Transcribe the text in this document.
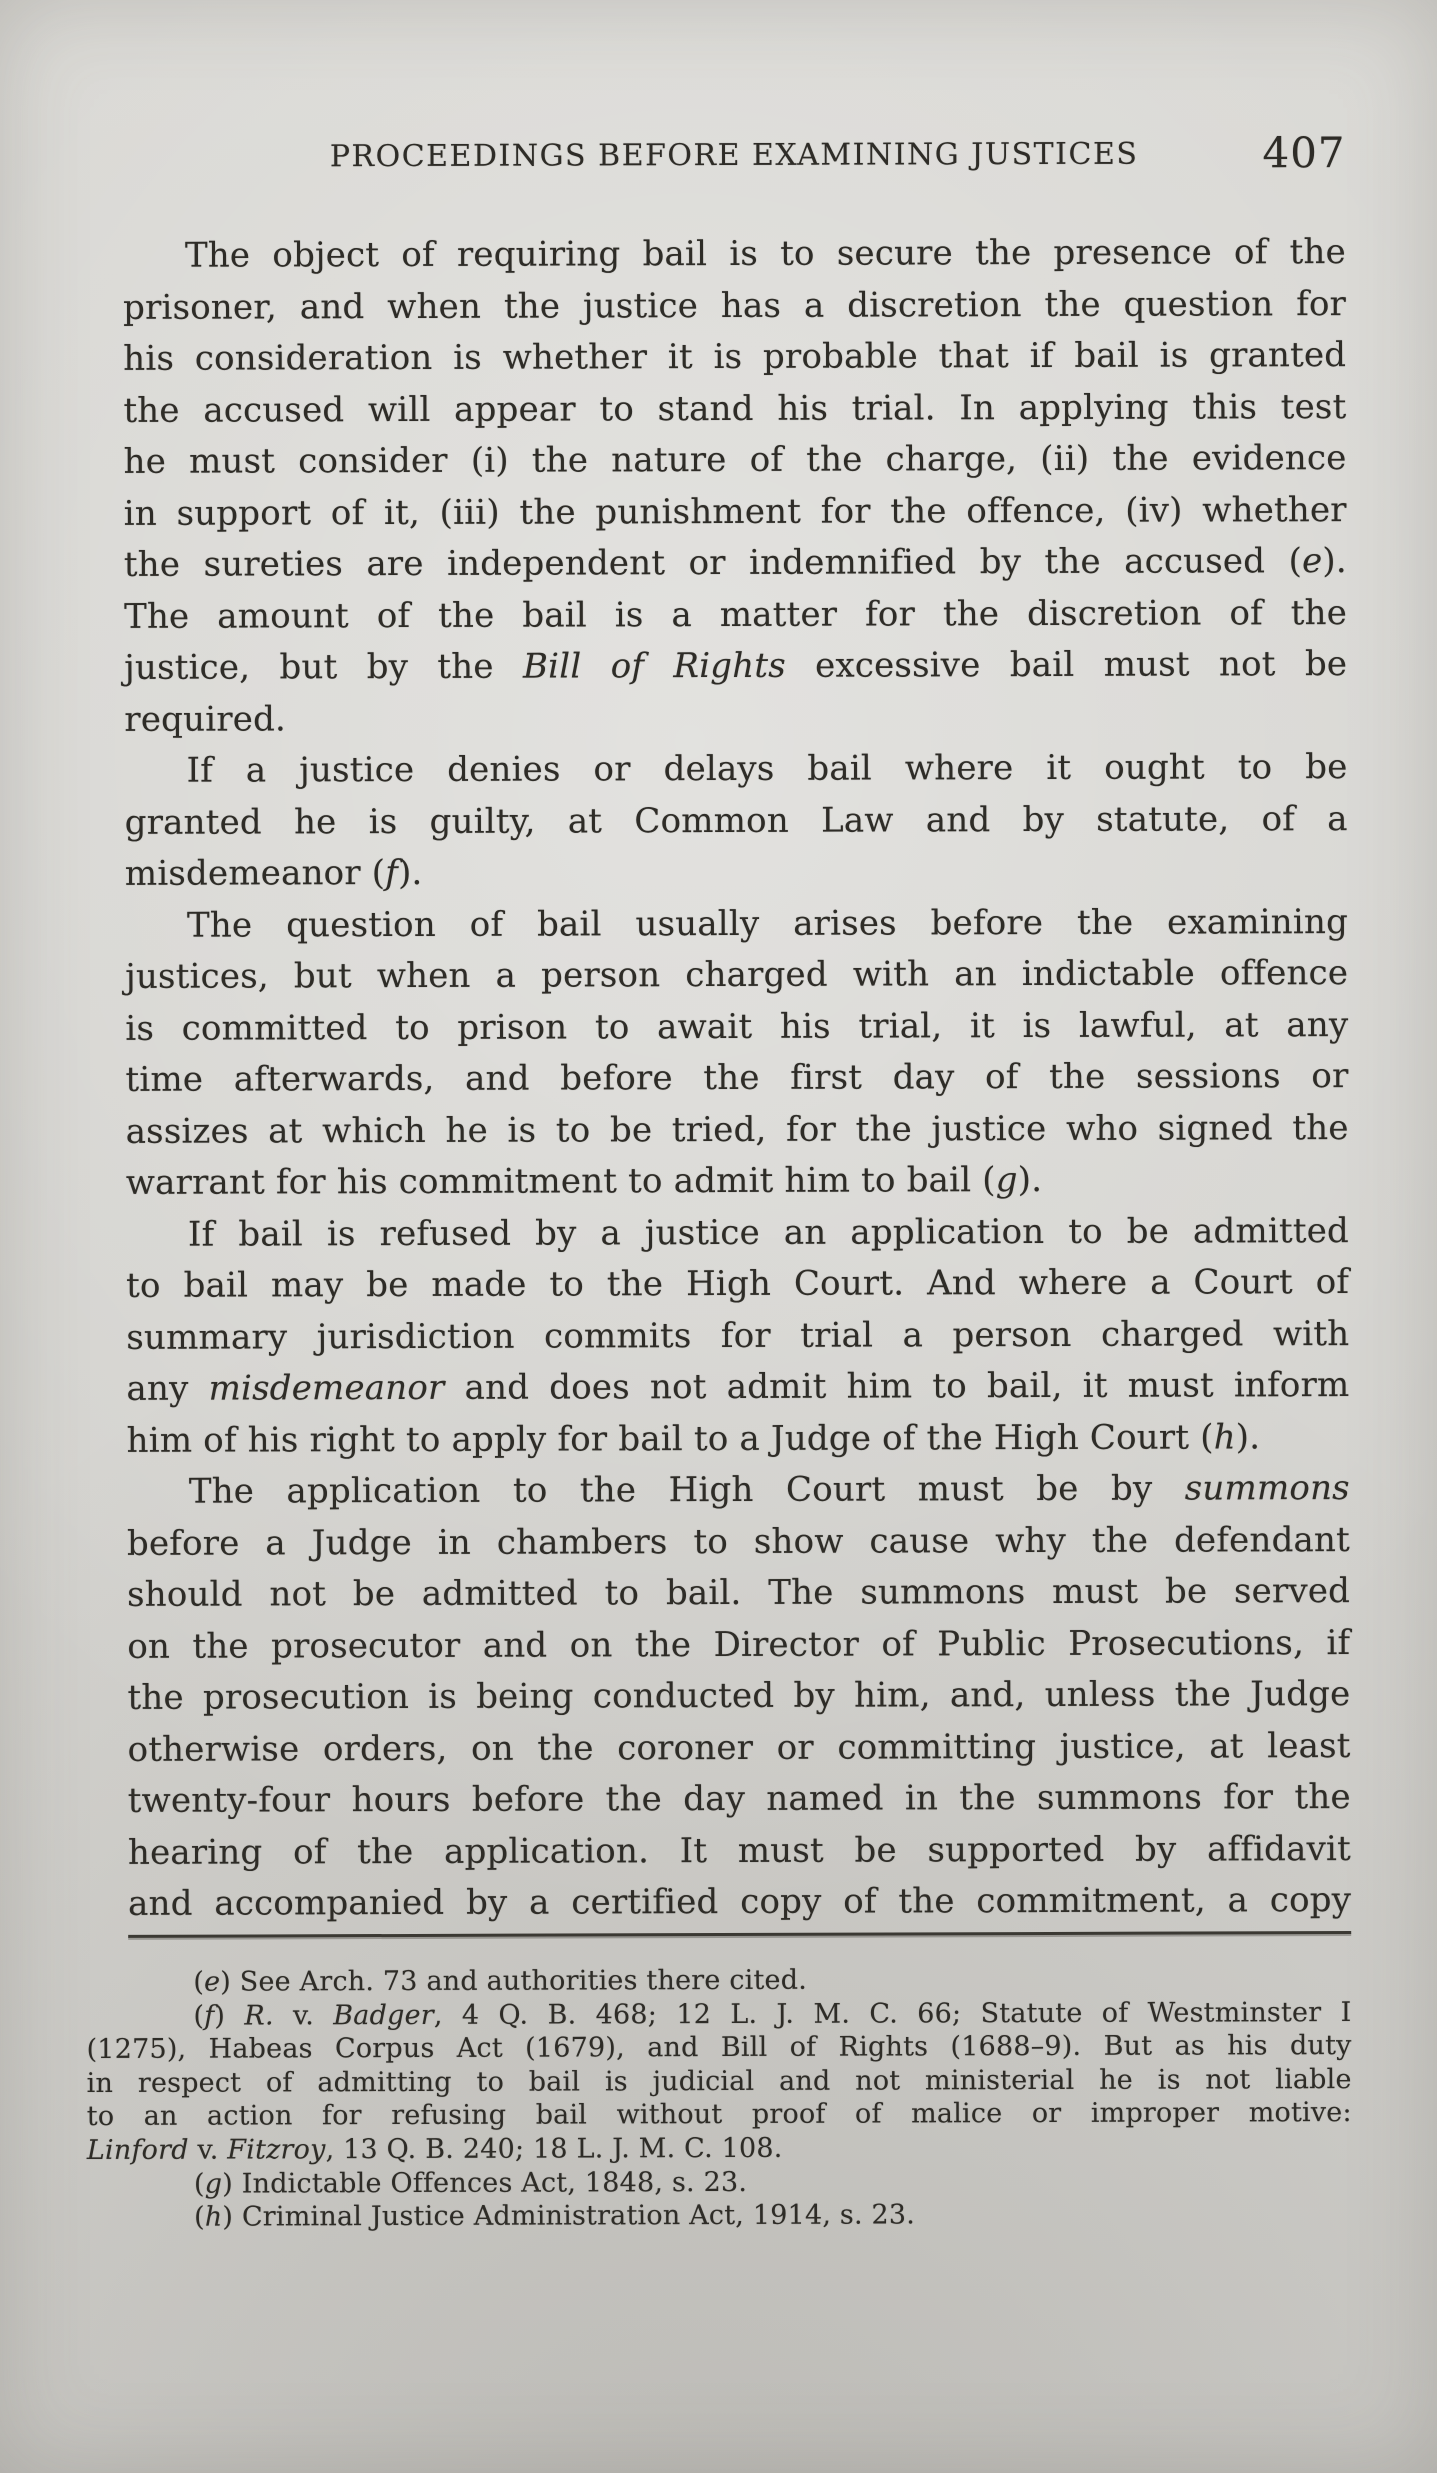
PROCEEDINGS BEFORE EXAMINING JUSTICES	407
The object of requiring bail is to secure the presence of the
prisoner, and when the justice has a discretion the question for
his consideration is whether it is probable that if bail is granted
the accused will appear to stand his trial. In applying this test
he must consider (i) the nature of the charge, (ii) the evidence
in support of it, (iii) the punishment for the offence, (iv) whether
the sureties are independent or indemnified by the accused (e).
The amount of the bail is a matter for the discretion of the
justice, but by the Bill of Rights excessive bail must not be
required.
If a justice denies or delays bail where it ought to be
granted he is guilty, at Common Law and by statute, of a
misdemeanor (f).
The question of bail usually arises before the examining
justices, but when a person charged with an indictable offence
is committed to prison to await his trial, it is lawful, at any
time afterwards, and before the first day of the sessions or
assizes at which he is to be tried, for the justice who signed the
warrant for his commitment to admit him to bail (g).
If bail is refused by a justice an application to be admitted
to bail may be made to the High Court. And where a Court of
summary jurisdiction commits for trial a person charged with
any misdemeanor and does not admit him to bail, it must inform
him of his right to apply for bail to a Judge of the High Court (h).
The application to the High Court must be by summons
before a Judge in chambers to show cause why the defendant
should not be admitted to bail. The summons must be served
on the prosecutor and on the Director of Public Prosecutions, if
the prosecution is being conducted by him, and, unless the Judge
otherwise orders, on the coroner or committing justice, at least
twenty-four hours before the day named in the summons for the
hearing of the application. It must be supported by affidavit
and accompanied by a certified copy of the commitment, a copy
(e) See Arch. 73 and authorities there cited.
(f) R. v. Badger, 4 Q. B. 468; 12 L. J. M. C. 66; Statute of Westminster I
(1275), Habeas Corpus Act (1679), and Bill of Rights (1688–9). But as his duty
in respect of admitting to bail is judicial and not ministerial he is not liable
to an action for refusing bail without proof of malice or improper motive:
Linford v. Fitzroy, 13 Q. B. 240; 18 L. J. M. C. 108.
(g) Indictable Offences Act, 1848, s. 23.
(h) Criminal Justice Administration Act, 1914, s. 23.
